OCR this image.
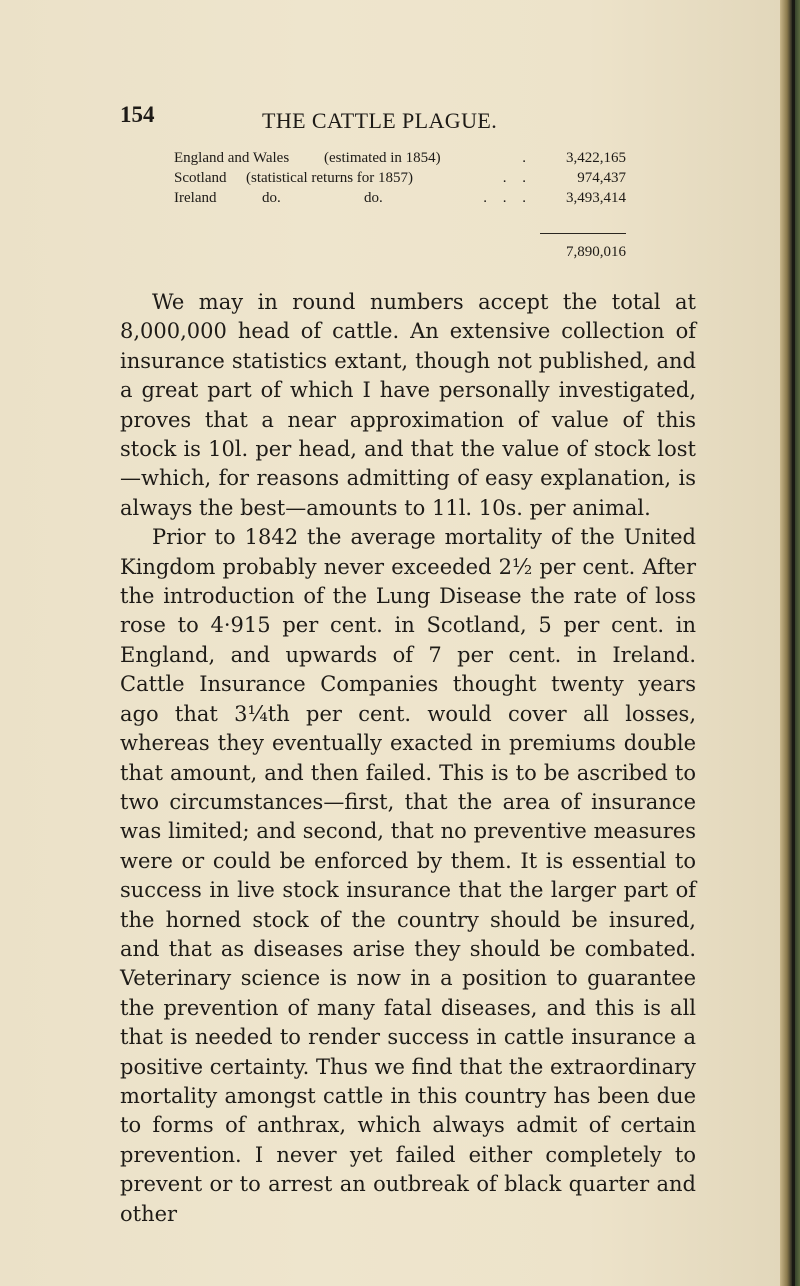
154	THE CATTLE PLAGUE.
England and Wales (estimated in 1854)	. 3,422,165
Scotland (statistical returns for 1857)	. .	974,437
Ireland	do.	do.	. . . 3,493,414
7,890,016

We may in round numbers accept the total at 8,000,000 head of cattle. An extensive collection of insurance statistics extant, though not published, and a great part of which I have personally investigated, proves that a near approximation of value of this stock is 10l. per head, and that the value of stock lost—which, for reasons admitting of easy explanation, is always the best—amounts to 11l. 10s. per animal.

Prior to 1842 the average mortality of the United Kingdom probably never exceeded 2½ per cent. After the introduction of the Lung Disease the rate of loss rose to 4·915 per cent. in Scotland, 5 per cent. in England, and upwards of 7 per cent. in Ireland. Cattle Insurance Companies thought twenty years ago that 3¼th per cent. would cover all losses, whereas they eventually exacted in premiums double that amount, and then failed. This is to be ascribed to two circumstances—first, that the area of insurance was limited; and second, that no preventive measures were or could be enforced by them. It is essential to success in live stock insurance that the larger part of the horned stock of the country should be insured, and that as diseases arise they should be combated. Veterinary science is now in a position to guarantee the prevention of many fatal diseases, and this is all that is needed to render success in cattle insurance a positive certainty. Thus we find that the extraordinary mortality amongst cattle in this country has been due to forms of anthrax, which always admit of certain prevention. I never yet failed either completely to prevent or to arrest an outbreak of black quarter and other
